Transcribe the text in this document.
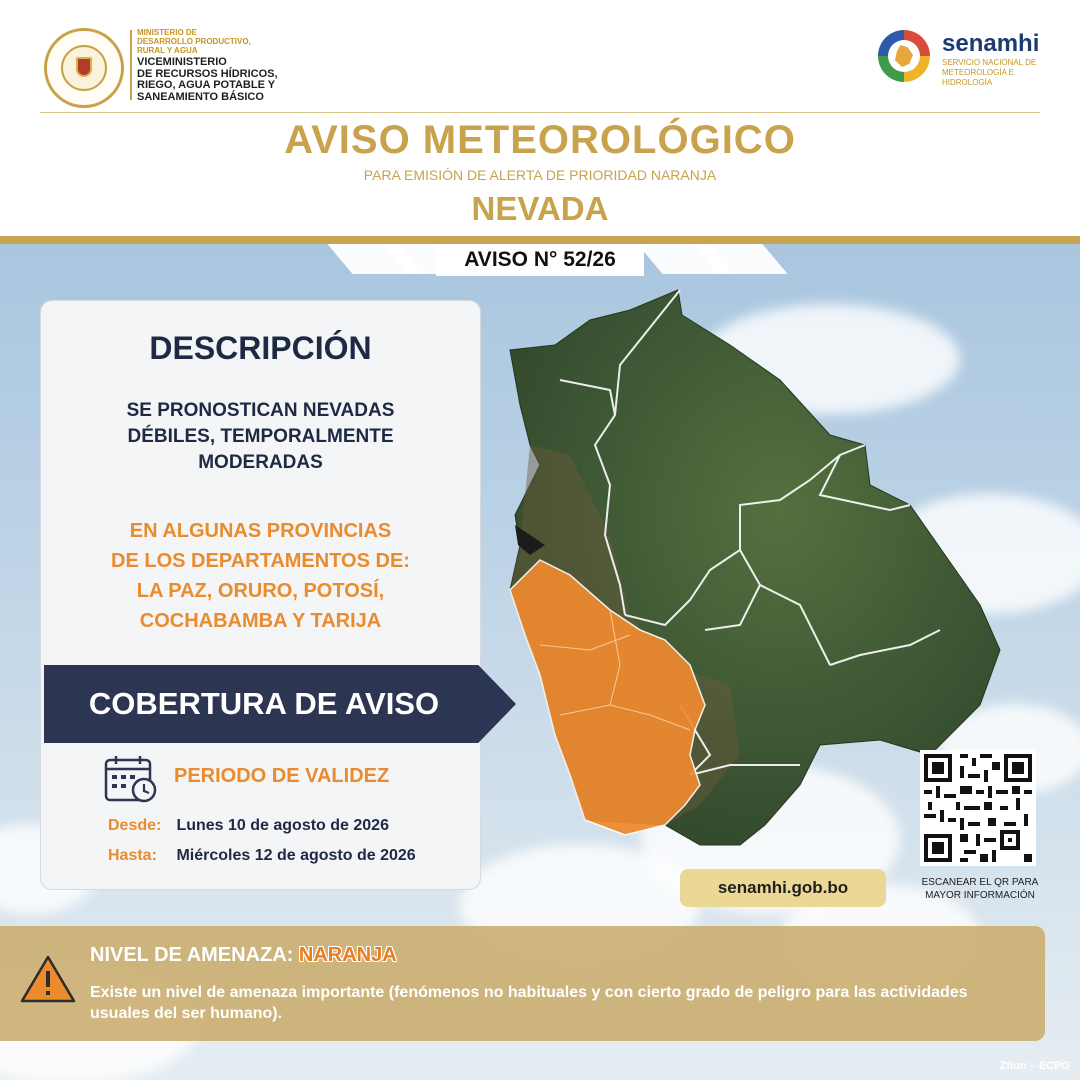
MINISTERIO DE
DESARROLLO PRODUCTIVO,
RURAL Y AGUA
VICEMINISTERIO
DE RECURSOS HÍDRICOS,
RIEGO, AGUA POTABLE Y
SANEAMIENTO BÁSICO
senamhi
SERVICIO NACIONAL DE
METEOROLOGÍA E HIDROLOGÍA
AVISO METEOROLÓGICO
PARA EMISIÓN DE ALERTA DE PRIORIDAD NARANJA
NEVADA
AVISO N° 52/26
DESCRIPCIÓN
SE PRONOSTICAN NEVADAS
DÉBILES, TEMPORALMENTE
MODERADAS
EN ALGUNAS PROVINCIAS
DE LOS DEPARTAMENTOS DE:
LA PAZ, ORURO, POTOSÍ,
COCHABAMBA Y TARIJA
COBERTURA DE AVISO
PERIODO DE VALIDEZ
Desde: Lunes 10 de agosto de 2026
Hasta: Miércoles 12 de agosto de 2026
ESCANEAR EL QR PARA
MAYOR INFORMACIÓN
senamhi.gob.bo
NIVEL DE AMENAZA: NARANJA
Existe un nivel de amenaza importante (fenómenos no habituales y con cierto grado de peligro para las actividades usuales del ser humano).
Ztion – ECPG
